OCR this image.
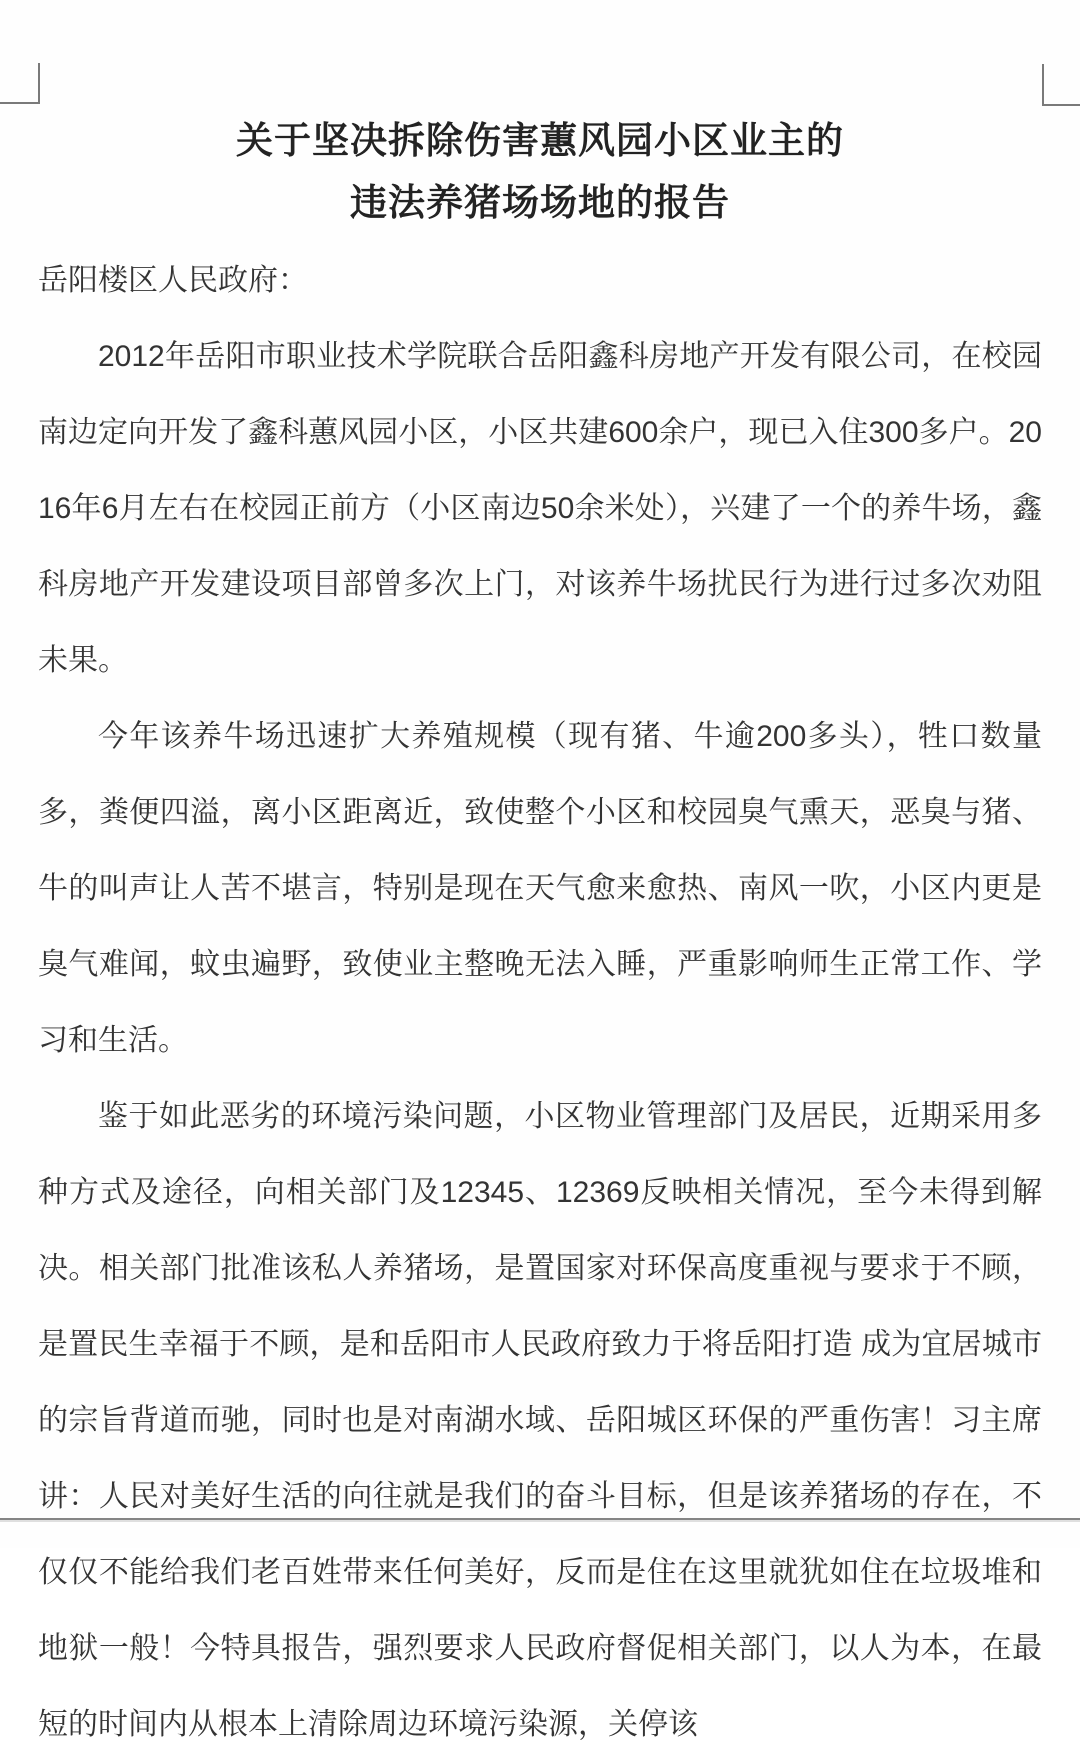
关于坚决拆除伤害蕙风园小区业主的
违法养猪场场地的报告

岳阳楼区人民政府：

2012年岳阳市职业技术学院联合岳阳鑫科房地产开发有限公司，在校园南边定向开发了鑫科蕙风园小区，小区共建600余户，现已入住300多户。2016年6月左右在校园正前方（小区南边50余米处），兴建了一个的养牛场，鑫科房地产开发建设项目部曾多次上门，对该养牛场扰民行为进行过多次劝阻未果。

今年该养牛场迅速扩大养殖规模（现有猪、牛逾200多头），牲口数量多，粪便四溢，离小区距离近，致使整个小区和校园臭气熏天，恶臭与猪、牛的叫声让人苦不堪言，特别是现在天气愈来愈热、南风一吹，小区内更是臭气难闻，蚊虫遍野，致使业主整晚无法入睡，严重影响师生正常工作、学习和生活。

鉴于如此恶劣的环境污染问题，小区物业管理部门及居民，近期采用多种方式及途径，向相关部门及12345、12369反映相关情况，至今未得到解决。相关部门批准该私人养猪场，是置国家对环保高度重视与要求于不顾，是置民生幸福于不顾，是和岳阳市人民政府致力于将岳阳打造 成为宜居城市的宗旨背道而驰，同时也是对南湖水域、岳阳城区环保的严重伤害！习主席讲：人民对美好生活的向往就是我们的奋斗目标，但是该养猪场的存在，不仅仅不能给我们老百姓带来任何美好，反而是住在这里就犹如住在垃圾堆和地狱一般！今特具报告，强烈要求人民政府督促相关部门，以人为本，在最短的时间内从根本上清除周边环境污染源，关停该
